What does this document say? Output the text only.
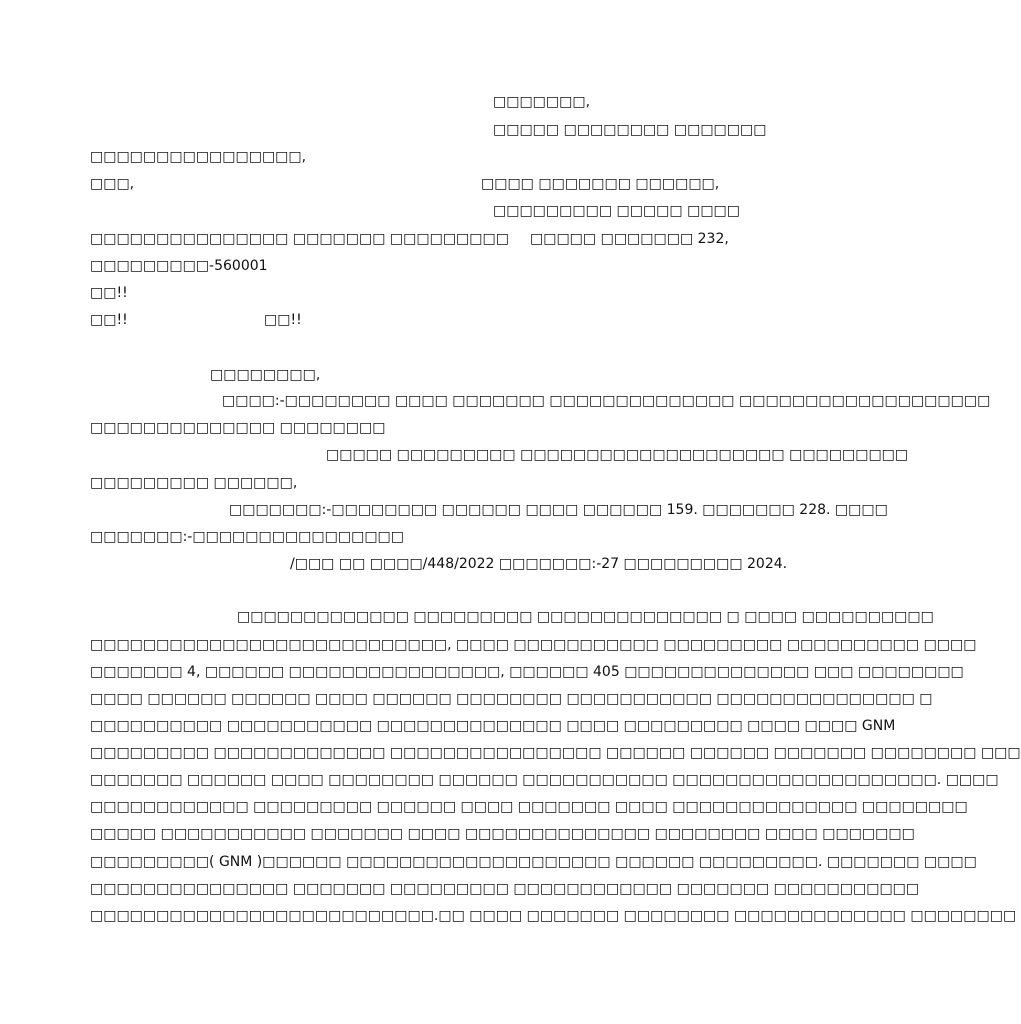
□□□□□□□,
□□□□□ □□□□□□□□ □□□□□□□
□□□□□□□□□□□□□□□□,
□□□,	□□□□ □□□□□□□ □□□□□□,
□□□□□□□□□ □□□□□ □□□□
□□□□□□□□□□□□□□□ □□□□□□□ □□□□□□□□□ □□□□□ □□□□□□□ 232,
□□□□□□□□□-560001
□□!!
□□!!	□□!!
□□□□□□□□,
□□□□:-□□□□□□□□ □□□□ □□□□□□□ □□□□□□□□□□□□□□ □□□□□□□□□□□□□□□□□□□
□□□□□□□□□□□□□□ □□□□□□□□
□□□□□ □□□□□□□□□ □□□□□□□□□□□□□□□□□□□□ □□□□□□□□□
□□□□□□□□□ □□□□□□,
□□□□□□□:-□□□□□□□□ □□□□□□ □□□□ □□□□□□ 159. □□□□□□□ 228. □□□□
□□□□□□□:-□□□□□□□□□□□□□□□□
/□□□ □□ □□□□/448/2022 □□□□□□□:-27 □□□□□□□□□ 2024.
□□□□□□□□□□□□□ □□□□□□□□□ □□□□□□□□□□□□□□ □ □□□□ □□□□□□□□□□
□□□□□□□□□□□□□□□□□□□□□□□□□□□, □□□□ □□□□□□□□□□□ □□□□□□□□□ □□□□□□□□□□ □□□□
□□□□□□□ 4, □□□□□□ □□□□□□□□□□□□□□□□, □□□□□□ 405 □□□□□□□□□□□□□□ □□□ □□□□□□□□
□□□□ □□□□□□ □□□□□□ □□□□ □□□□□□ □□□□□□□□ □□□□□□□□□□□ □□□□□□□□□□□□□□□ □
□□□□□□□□□□ □□□□□□□□□□□ □□□□□□□□□□□□□□ □□□□ □□□□□□□□□ □□□□ □□□□ GNM
□□□□□□□□□ □□□□□□□□□□□□□ □□□□□□□□□□□□□□□□ □□□□□□ □□□□□□ □□□□□□□ □□□□□□□□ □□□
□□□□□□□ □□□□□□ □□□□ □□□□□□□□ □□□□□□ □□□□□□□□□□□ □□□□□□□□□□□□□□□□□□□□. □□□□
□□□□□□□□□□□□ □□□□□□□□□ □□□□□□ □□□□ □□□□□□□ □□□□ □□□□□□□□□□□□□□ □□□□□□□□
□□□□□ □□□□□□□□□□□ □□□□□□□ □□□□ □□□□□□□□□□□□□□ □□□□□□□□ □□□□ □□□□□□□
□□□□□□□□□( GNM )□□□□□□ □□□□□□□□□□□□□□□□□□□□ □□□□□□ □□□□□□□□□. □□□□□□□ □□□□
□□□□□□□□□□□□□□□ □□□□□□□ □□□□□□□□□ □□□□□□□□□□□□ □□□□□□□ □□□□□□□□□□□
□□□□□□□□□□□□□□□□□□□□□□□□□□.□□ □□□□ □□□□□□□ □□□□□□□□ □□□□□□□□□□□□□ □□□□□□□□
